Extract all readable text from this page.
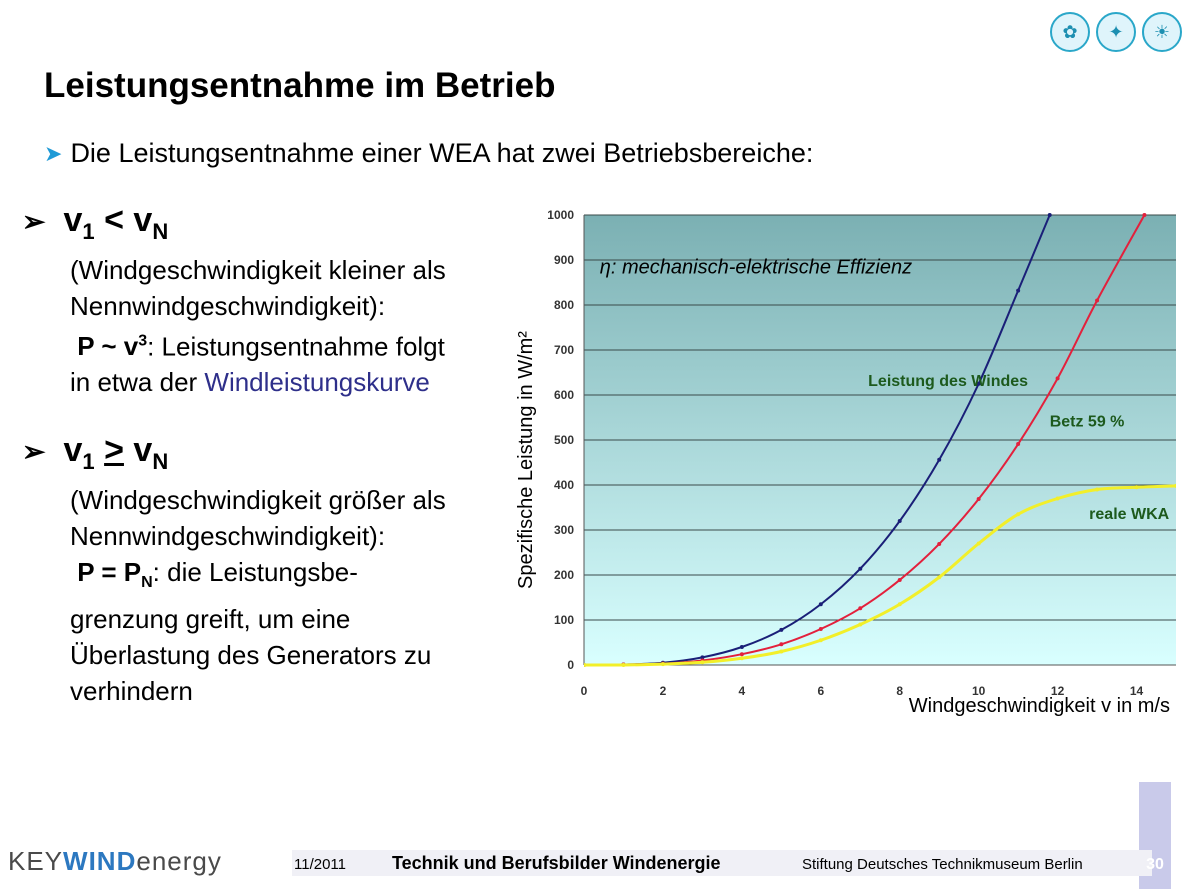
✿	✦	☀
Leistungsentnahme im Betrieb
➤ Die Leistungsentnahme einer WEA hat zwei Betriebsbereiche:
➢ $v_1 < v_N$
(Windgeschwindigkeit kleiner als
Nennwindgeschwindigkeit):
P ~ $v^3$: Leistungsentnahme folgt
in etwa der Windleistungskurve
➢ $v_1 > v_N$
(Windgeschwindigkeit größer als
Nennwindgeschwindigkeit):
$P = P_N$: die Leistungsbe-
grenzung greift, um eine
Überlastung des Generators zu
verhindern
0
100
200
300
400
500
600
700
800
900
1000
0	2	4	6	8	10	12	14
Leistung des Windes
Betz 59 %
reale WKA
η: mechanisch-elektrische Effizienz
Windgeschwindigkeit v in m/s
Spezifische Leistung in W/m²
KEYWINDenergy	11/2011	Technik und Berufsbilder Windenergie	Stiftung Deutsches Technikmuseum Berlin	30
